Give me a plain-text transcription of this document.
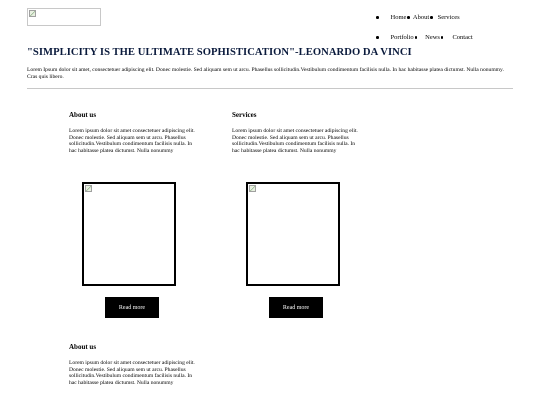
Home About Services
Portfolio News Contact
"SIMPLICITY IS THE ULTIMATE SOPHISTICATION"-LEONARDO DA VINCI

Lorem Ipsum dolor sit amet, consectetuer adipiscing elit. Donec molestie. Sed aliquam sem ut arcu. Phasellus sollicitudin.Vestibulum condimentum facilisis nulla. In hac habitasse platea dictumst. Nulla nonummy. Cras quis libero.

About us

Lorem ipsum dolor sit amet consectetuer adipiscing elit. Donec molestie. Sed aliquam sem ut arcu. Phasellus sollicitudin.Vestibulum condimentum facilisis nulla. In hac habitasse platea dictumst. Nulla nonummy

Read more
Services

Lorem ipsum dolor sit amet consectetuer adipiscing elit. Donec molestie. Sed aliquam sem ut arcu. Phasellus sollicitudin.Vestibulum condimentum facilisis nulla. In hac habitasse platea dictumst. Nulla nonummy

Read more
About us

Lorem ipsum dolor sit amet consectetuer adipiscing elit. Donec molestie. Sed aliquam sem ut arcu. Phasellus sollicitudin.Vestibulum condimentum facilisis nulla. In hac habitasse platea dictumst. Nulla nonummy
